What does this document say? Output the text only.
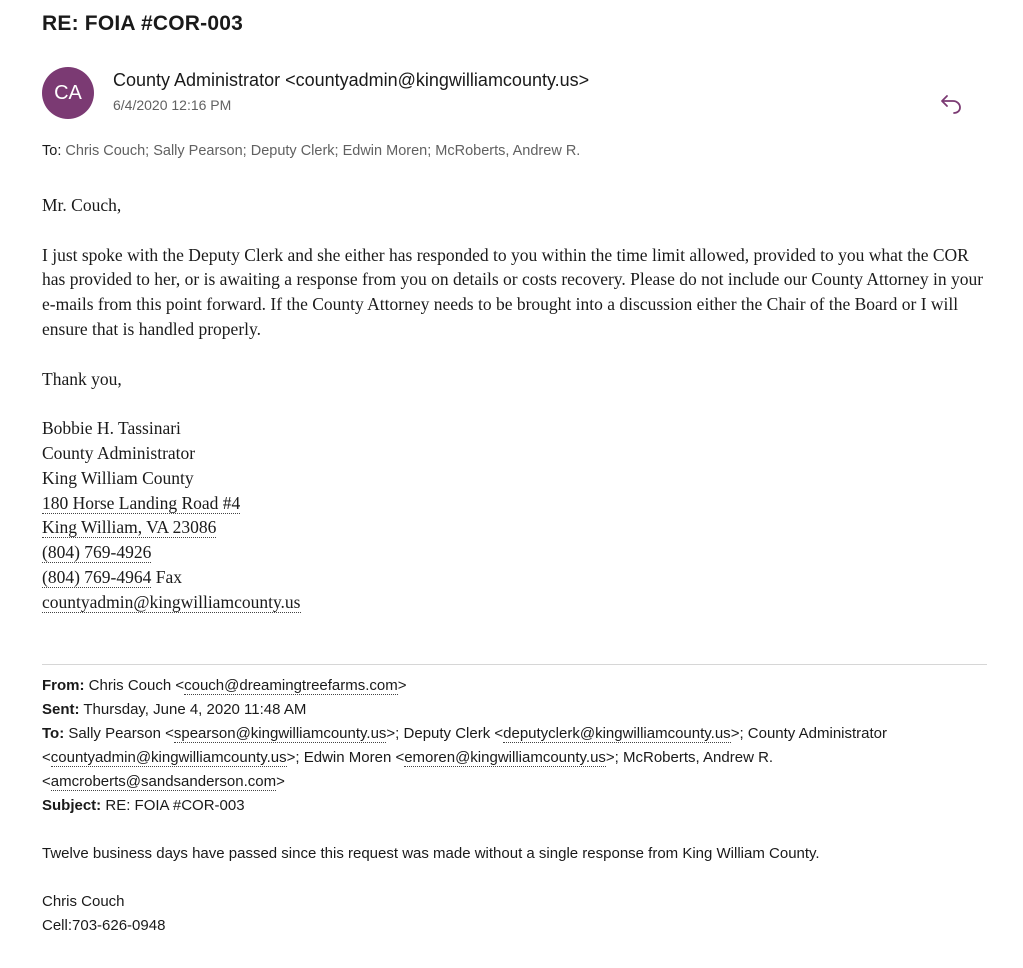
RE: FOIA #COR-003
CA
County Administrator <countyadmin@kingwilliamcounty.us>
6/4/2020 12:16 PM
To: Chris Couch; Sally Pearson; Deputy Clerk; Edwin Moren; McRoberts, Andrew R.

Mr. Couch,

I just spoke with the Deputy Clerk and she either has responded to you within the time limit allowed, provided to you what the COR has provided to her, or is awaiting a response from you on details or costs recovery. Please do not include our County Attorney in your e-mails from this point forward. If the County Attorney needs to be brought into a discussion either the Chair of the Board or I will ensure that is handled properly.

Thank you,

Bobbie H. Tassinari

County Administrator

King William County

180 Horse Landing Road #4

King William, VA 23086

(804) 769-4926

(804) 769-4964 Fax

countyadmin@kingwilliamcounty.us

From: Chris Couch <couch@dreamingtreefarms.com>

Sent: Thursday, June 4, 2020 11:48 AM

To: Sally Pearson <spearson@kingwilliamcounty.us>; Deputy Clerk <deputyclerk@kingwilliamcounty.us>; County Administrator <countyadmin@kingwilliamcounty.us>; Edwin Moren <emoren@kingwilliamcounty.us>; McRoberts, Andrew R. <amcroberts@sandsanderson.com>

Subject: RE: FOIA #COR-003

Twelve business days have passed since this request was made without a single response from King William County.

Chris Couch

Cell:703-626-0948
